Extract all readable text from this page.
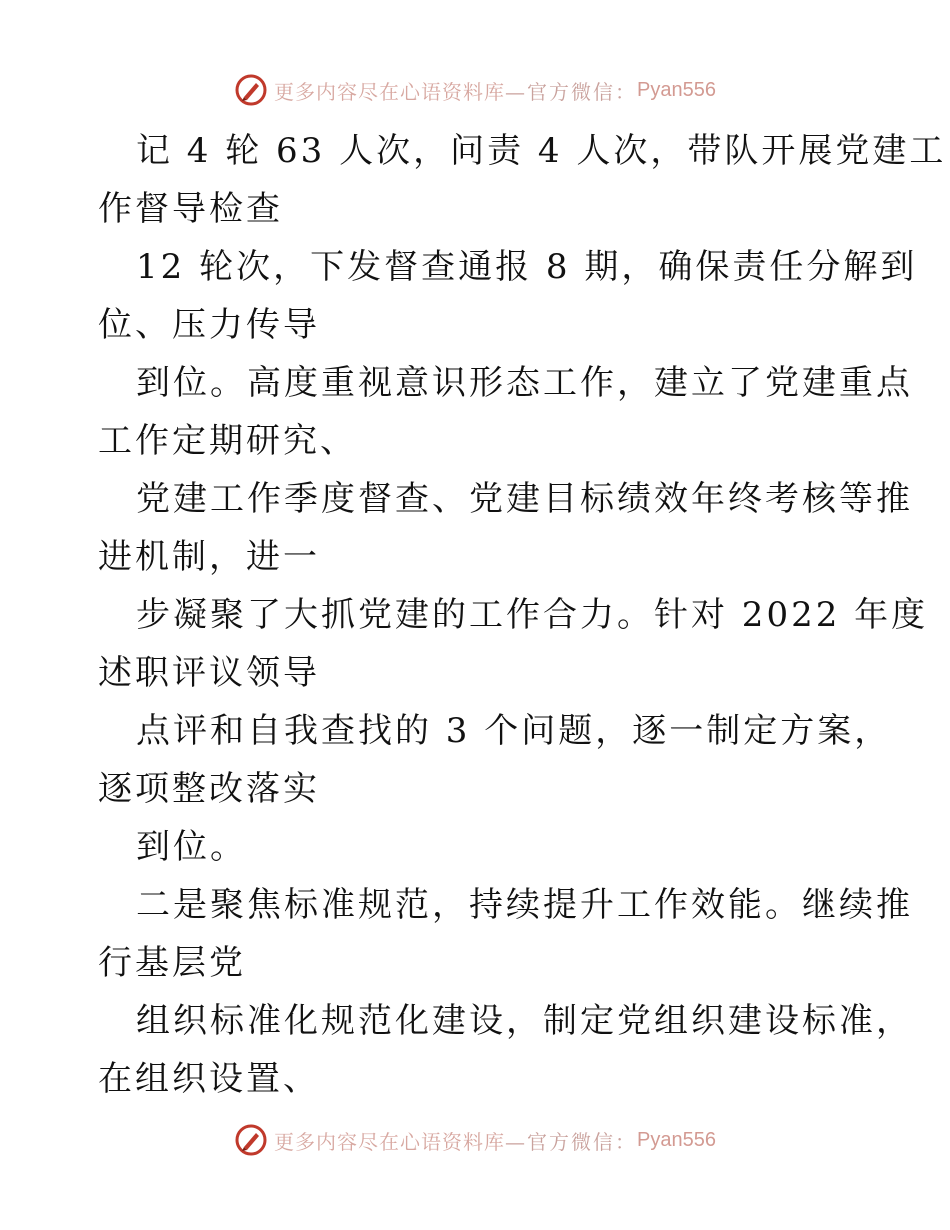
更多内容尽在心语资料库 —官方微信： Pyan556
记 4 轮 63 人次，问责 4 人次，带队开展党建工
作督导检查
12 轮次，下发督查通报 8 期，确保责任分解到
位、压力传导
到位。高度重视意识形态工作，建立了党建重点
工作定期研究、
党建工作季度督查、党建目标绩效年终考核等推
进机制，进一
步凝聚了大抓党建的工作合力。针对 2022 年度
述职评议领导
点评和自我查找的 3 个问题，逐一制定方案，
逐项整改落实
到位。
二是聚焦标准规范，持续提升工作效能。继续推
行基层党
组织标准化规范化建设，制定党组织建设标准，
在组织设置、
更多内容尽在心语资料库 —官方微信： Pyan556
